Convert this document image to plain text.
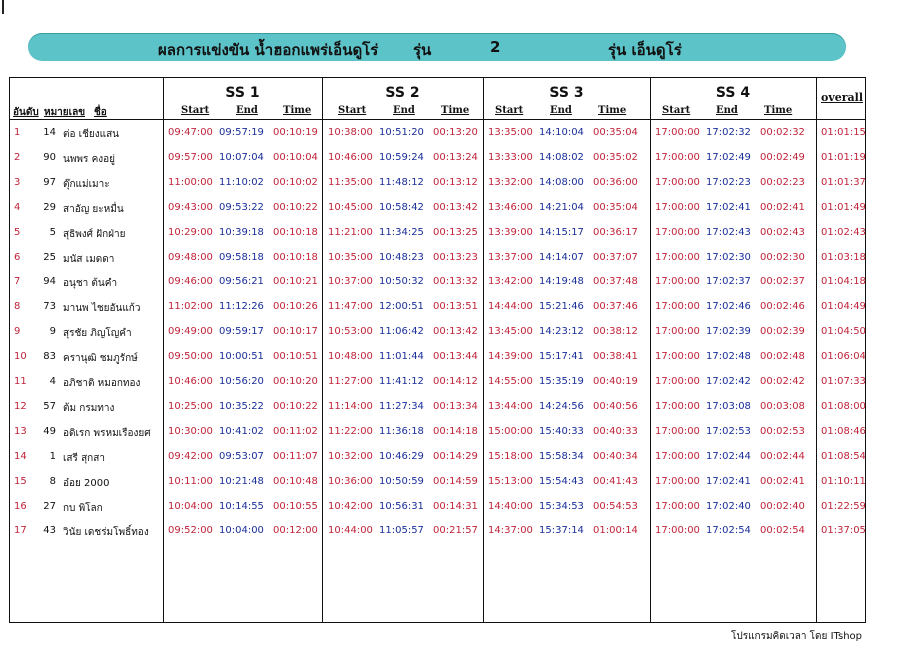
ผลการแข่งขัน น้ำฮอกแพร่เอ็นดูโร่ รุ่น	2	รุ่น เอ็นดูโร่
อันดับ หมายเลข ชื่อ
SS 1	SS 2	SS 3	SS 4
Start	End	Time	Start	End	Time	Start	End	Time	Start	End	Time
overall
1	14 ต่อ เชียงแสน	09:47:00 09:57:19 00:10:19 10:38:00 10:51:20 00:13:20 13:35:00 14:10:04 00:35:04 17:00:00 17:02:32 00:02:32 01:01:15
2	90 นพพร คงอยู่	09:57:00 10:07:04 00:10:04 10:46:00 10:59:24 00:13:24 13:33:00 14:08:02 00:35:02 17:00:00 17:02:49 00:02:49 01:01:19
3	97 ตุ๊กแม่เมาะ	11:00:00 11:10:02 00:10:02 11:35:00 11:48:12 00:13:12 13:32:00 14:08:00 00:36:00 17:00:00 17:02:23 00:02:23 01:01:37
4	29 สาอัญ ยะหมื่น	09:43:00 09:53:22 00:10:22 10:45:00 10:58:42 00:13:42 13:46:00 14:21:04 00:35:04 17:00:00 17:02:41 00:02:41 01:01:49
5	5 สุธิพงศ์ ฝักฝ่าย	10:29:00 10:39:18 00:10:18 11:21:00 11:34:25 00:13:25 13:39:00 14:15:17 00:36:17 17:00:00 17:02:43 00:02:43 01:02:43
6	25 มนัส เมดดา	09:48:00 09:58:18 00:10:18 10:35:00 10:48:23 00:13:23 13:37:00 14:14:07 00:37:07 17:00:00 17:02:30 00:02:30 01:03:18
7	94 อนุชา ต้นคำ	09:46:00 09:56:21 00:10:21 10:37:00 10:50:32 00:13:32 13:42:00 14:19:48 00:37:48 17:00:00 17:02:37 00:02:37 01:04:18
8	73 มานพ ไชยอันแก้ว	11:02:00 11:12:26 00:10:26 11:47:00 12:00:51 00:13:51 14:44:00 15:21:46 00:37:46 17:00:00 17:02:46 00:02:46 01:04:49
9	9 สุรชัย ภิญโญคำ	09:49:00 09:59:17 00:10:17 10:53:00 11:06:42 00:13:42 13:45:00 14:23:12 00:38:12 17:00:00 17:02:39 00:02:39 01:04:50
10	83 ครานุฒิ ชมภูรักษ์	09:50:00 10:00:51 00:10:51 10:48:00 11:01:44 00:13:44 14:39:00 15:17:41 00:38:41 17:00:00 17:02:48 00:02:48 01:06:04
11	4 อภิชาติ หมอกทอง	10:46:00 10:56:20 00:10:20 11:27:00 11:41:12 00:14:12 14:55:00 15:35:19 00:40:19 17:00:00 17:02:42 00:02:42 01:07:33
12	57 ต้ม กรมทาง	10:25:00 10:35:22 00:10:22 11:14:00 11:27:34 00:13:34 13:44:00 14:24:56 00:40:56 17:00:00 17:03:08 00:03:08 01:08:00
13	49 อดิเรก พรหมเรืองยศ 10:30:00 10:41:02 00:11:02 11:22:00 11:36:18 00:14:18 15:00:00 15:40:33 00:40:33 17:00:00 17:02:53 00:02:53 01:08:46
14	1 เสรี สุกสา	09:42:00 09:53:07 00:11:07 10:32:00 10:46:29 00:14:29 15:18:00 15:58:34 00:40:34 17:00:00 17:02:44 00:02:44 01:08:54
15	8 อ๋อย 2000	10:11:00 10:21:48 00:10:48 10:36:00 10:50:59 00:14:59 15:13:00 15:54:43 00:41:43 17:00:00 17:02:41 00:02:41 01:10:11
16	27 กบ พิโลก	10:04:00 10:14:55 00:10:55 10:42:00 10:56:31 00:14:31 14:40:00 15:34:53 00:54:53 17:00:00 17:02:40 00:02:40 01:22:59
17	43 วินัย เดชร่มโพธิ์ทอง 09:52:00 10:04:00 00:12:00 10:44:00 11:05:57 00:21:57 14:37:00 15:37:14 01:00:14 17:00:00 17:02:54 00:02:54 01:37:05
โปรแกรมคิดเวลา โดย ITshop
